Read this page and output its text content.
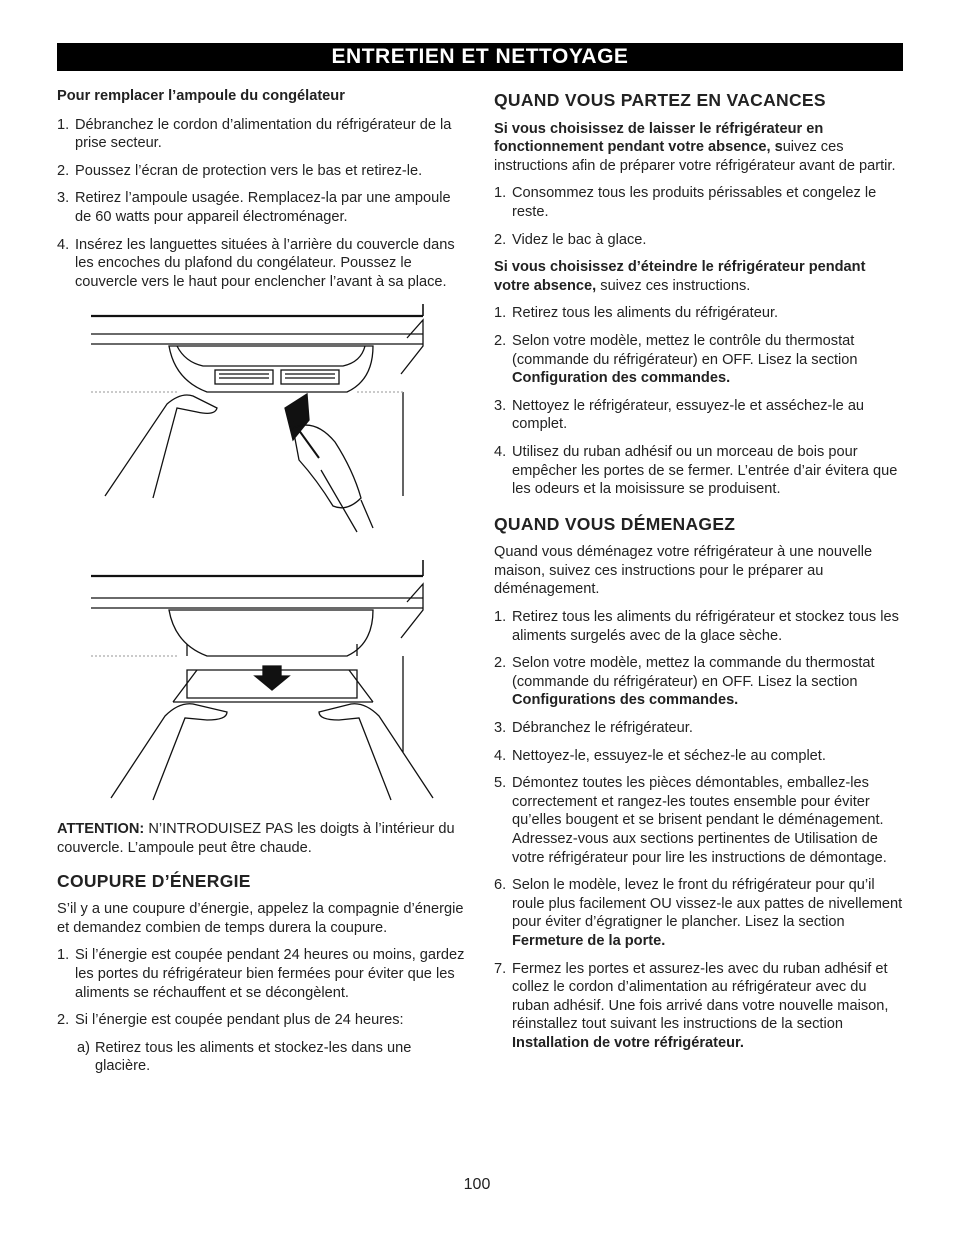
ENTRETIEN ET NETTOYAGE
Pour remplacer l’ampoule du congélateur
1. Débranchez le cordon d’alimentation du réfrigérateur de la prise secteur.
2. Poussez l’écran de protection vers le bas et retirez-le.
3. Retirez l’ampoule usagée. Remplacez-la par une ampoule de 60 watts pour appareil électroménager.
4. Insérez les languettes situées à l’arrière du couvercle dans les encoches du plafond du congélateur. Poussez le couvercle vers le haut pour enclencher l’avant à sa place.

ATTENTION: N’INTRODUISEZ PAS les doigts à l’intérieur du couvercle. L’ampoule peut être chaude.

COUPURE D’ÉNERGIE

S’il y a une coupure d’énergie, appelez la compagnie d’énergie et demandez combien de temps durera la coupure.

1. Si l’énergie est coupée pendant 24 heures ou moins, gardez les portes du réfrigérateur bien fermées pour éviter que les aliments se réchauffent et se décongèlent.
2. Si l’énergie est coupée pendant plus de 24 heures:
a) Retirez tous les aliments et stockez-les dans une glacière.
QUAND VOUS PARTEZ EN VACANCES

Si vous choisissez de laisser le réfrigérateur en fonctionnement pendant votre absence, suivez ces instructions afin de préparer votre réfrigérateur avant de partir.

1. Consommez tous les produits périssables et congelez le reste.
2. Videz le bac à glace.

Si vous choisissez d’éteindre le réfrigérateur pendant votre absence, suivez ces instructions.

1. Retirez tous les aliments du réfrigérateur.
2. Selon votre modèle, mettez le contrôle du thermostat (commande du réfrigérateur) en OFF. Lisez la section Configuration des commandes.
3. Nettoyez le réfrigérateur, essuyez-le et asséchez-le au complet.
4. Utilisez du ruban adhésif ou un morceau de bois pour empêcher les portes de se fermer. L’entrée d’air évitera que les odeurs et la moisissure se produisent.
QUAND VOUS DÉMENAGEZ

Quand vous déménagez votre réfrigérateur à une nouvelle maison, suivez ces instructions pour le préparer au déménagement.

1. Retirez tous les aliments du réfrigérateur et stockez tous les aliments surgelés avec de la glace sèche.
2. Selon votre modèle, mettez la commande du thermostat (commande du réfrigérateur) en OFF. Lisez la section Configurations des commandes.
3. Débranchez le réfrigérateur.
4. Nettoyez-le, essuyez-le et séchez-le au complet.
5. Démontez toutes les pièces démontables, emballez-les correctement et rangez-les toutes ensemble pour éviter qu’elles bougent et se brisent pendant le déménagement. Adressez-vous aux sections pertinentes de Utilisation de votre réfrigérateur pour lire les instructions de démontage.
6. Selon le modèle, levez le front du réfrigérateur pour qu’il roule plus facilement OU vissez-le aux pattes de nivellement pour éviter d’égratigner le plancher. Lisez la section Fermeture de la porte.
7. Fermez les portes et assurez-les avec du ruban adhésif et collez le cordon d’alimentation au réfrigérateur avec du ruban adhésif. Une fois arrivé dans votre nouvelle maison, réinstallez tout suivant les instructions de la section Installation de votre réfrigérateur.
100
